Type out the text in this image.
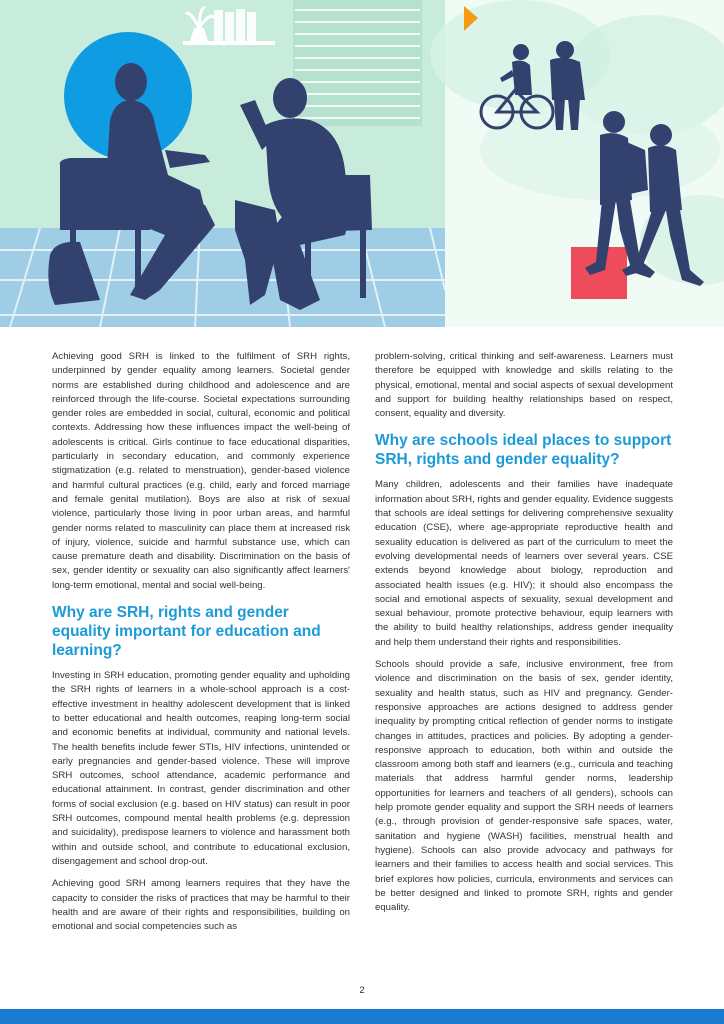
Achieving good SRH is linked to the fulfilment of SRH rights, underpinned by gender equality among learners. Societal gender norms are established during childhood and adolescence and are reinforced through the life-course. Societal expectations surrounding gender roles are embedded in social, cultural, economic and political contexts. Addressing how these influences impact the well-being of adolescents is critical. Girls continue to face educational disparities, particularly in secondary education, and commonly experience stigmatization (e.g. related to menstruation), gender-based violence and harmful cultural practices (e.g. child, early and forced marriage and female genital mutilation). Boys are also at risk of sexual violence, particularly those living in poor urban areas, and harmful gender norms related to masculinity can place them at increased risk of injury, violence, suicide and harmful substance use, which can cause premature death and disability. Discrimination on the basis of sex, gender identity or sexuality can also significantly affect learners' long-term emotional, mental and social well-being.

Why are SRH, rights and gender equality important for education and learning?

Investing in SRH education, promoting gender equality and upholding the SRH rights of learners in a whole-school approach is a cost-effective investment in healthy adolescent development that is linked to better educational and health outcomes, reaping long-term social and economic benefits at individual, community and national levels. The health benefits include fewer STIs, HIV infections, unintended or early pregnancies and gender-based violence. These will improve SRH outcomes, school attendance, academic performance and educational attainment. In contrast, gender discrimination and other forms of social exclusion (e.g. based on HIV status) can result in poor SRH outcomes, compound mental health problems (e.g. depression and suicidality), predispose learners to violence and harassment both within and outside school, and contribute to educational exclusion, disengagement and school drop-out.

Achieving good SRH among learners requires that they have the capacity to consider the risks of practices that may be harmful to their health and are aware of their rights and responsibilities, building on emotional and social competencies such as

problem-solving, critical thinking and self-awareness. Learners must therefore be equipped with knowledge and skills relating to the physical, emotional, mental and social aspects of sexual development and support for building healthy relationships based on respect, consent, equality and diversity.

Why are schools ideal places to support SRH, rights and gender equality?

Many children, adolescents and their families have inadequate information about SRH, rights and gender equality. Evidence suggests that schools are ideal settings for delivering comprehensive sexuality education (CSE), where age-appropriate reproductive health and sexuality education is delivered as part of the curriculum to meet the evolving developmental needs of learners over several years. CSE extends beyond knowledge about biology, reproduction and associated health issues (e.g. HIV); it should also encompass the social and emotional aspects of sexuality, sexual development and sexual behaviour, promote protective behaviour, equip learners with the ability to build healthy relationships, address gender inequality and help them understand their rights and responsibilities.

Schools should provide a safe, inclusive environment, free from violence and discrimination on the basis of sex, gender identity, sexuality and health status, such as HIV and pregnancy. Gender-responsive approaches are actions designed to address gender inequality by prompting critical reflection of gender norms to instigate changes in attitudes, practices and policies. By adopting a gender-responsive approach to education, both within and outside the classroom among both staff and learners (e.g., curricula and teaching materials that address harmful gender norms, leadership opportunities for learners and teachers of all genders), schools can help promote gender equality and support the SRH needs of learners (e.g., through provision of gender-responsive safe spaces, water, sanitation and hygiene (WASH) facilities, menstrual health and hygiene). Schools can also provide advocacy and pathways for learners and their families to access health and social services. This brief explores how policies, curricula, environments and services can be better designed and linked to promote SRH, rights and gender equality.

2
